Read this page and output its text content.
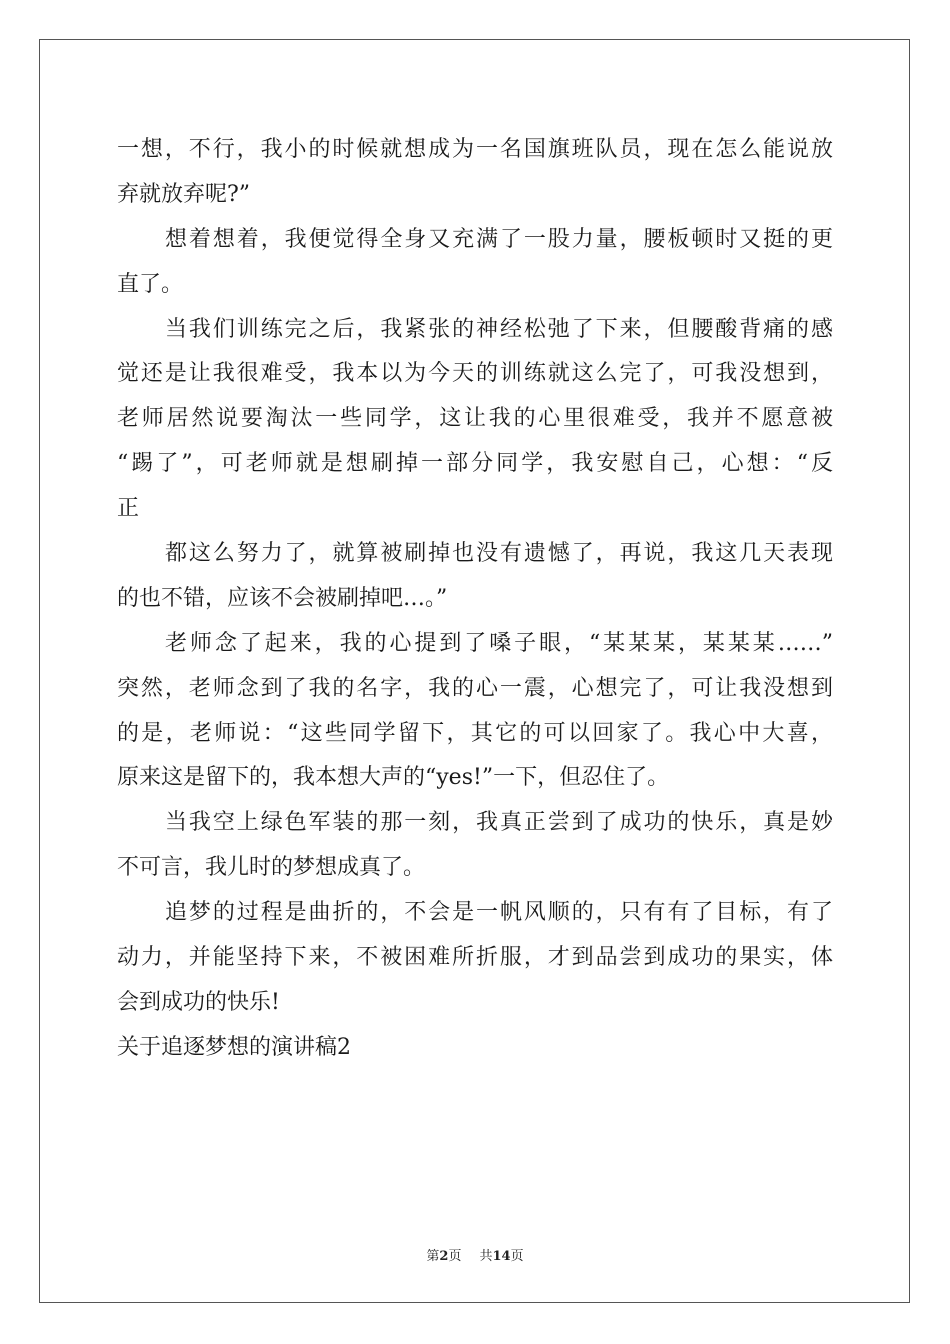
一想，不行，我小的时候就想成为一名国旗班队员，现在怎么能说放
弃就放弃呢?”
想着想着，我便觉得全身又充满了一股力量，腰板顿时又挺的更
直了。
当我们训练完之后，我紧张的神经松弛了下来，但腰酸背痛的感
觉还是让我很难受，我本以为今天的训练就这么完了，可我没想到，
老师居然说要淘汰一些同学，这让我的心里很难受，我并不愿意被
“踢了”，可老师就是想刷掉一部分同学，我安慰自己，心想：“反
正
都这么努力了，就算被刷掉也没有遗憾了，再说，我这几天表现
的也不错，应该不会被刷掉吧…。”
老师念了起来，我的心提到了嗓子眼，“某某某，某某某……”
突然，老师念到了我的名字，我的心一震，心想完了，可让我没想到
的是，老师说：“这些同学留下，其它的可以回家了。我心中大喜，
原来这是留下的，我本想大声的“yes!”一下，但忍住了。
当我空上绿色军装的那一刻，我真正尝到了成功的快乐，真是妙
不可言，我儿时的梦想成真了。
追梦的过程是曲折的，不会是一帆风顺的，只有有了目标，有了
动力，并能坚持下来，不被困难所折服，才到品尝到成功的果实，体
会到成功的快乐!
关于追逐梦想的演讲稿2
第2页 共14页
